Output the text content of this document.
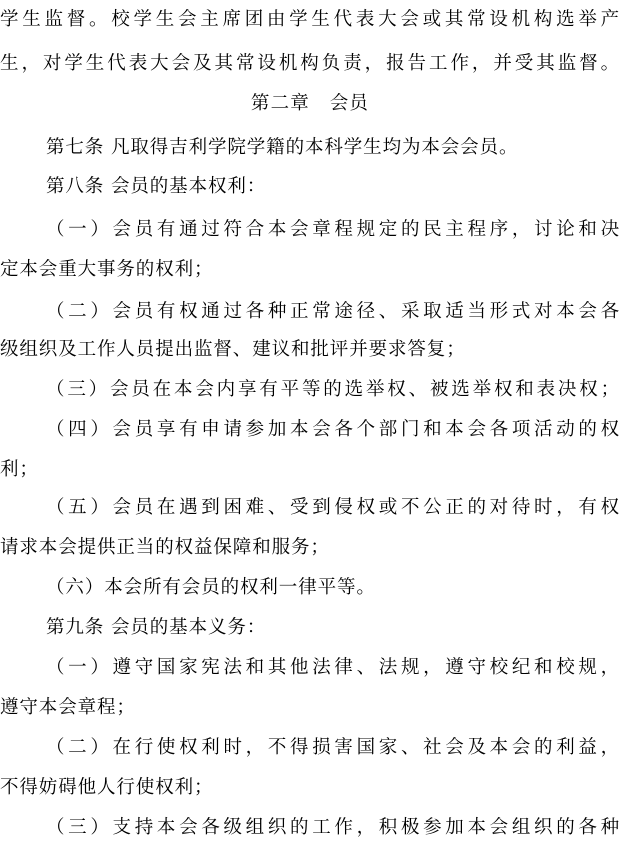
学生监督。校学生会主席团由学生代表大会或其常设机构选举产
生，对学生代表大会及其常设机构负责，报告工作，并受其监督。
第二章　会员
第七条 凡取得吉利学院学籍的本科学生均为本会会员。
第八条 会员的基本权利：
（一）会员有通过符合本会章程规定的民主程序，讨论和决
定本会重大事务的权利；
（二）会员有权通过各种正常途径、采取适当形式对本会各
级组织及工作人员提出监督、建议和批评并要求答复；
（三）会员在本会内享有平等的选举权、被选举权和表决权；
（四）会员享有申请参加本会各个部门和本会各项活动的权
利；
（五）会员在遇到困难、受到侵权或不公正的对待时，有权
请求本会提供正当的权益保障和服务；
（六）本会所有会员的权利一律平等。
第九条 会员的基本义务：
（一）遵守国家宪法和其他法律、法规，遵守校纪和校规，
遵守本会章程；
（二）在行使权利时，不得损害国家、社会及本会的利益，
不得妨碍他人行使权利；
（三）支持本会各级组织的工作，积极参加本会组织的各种
